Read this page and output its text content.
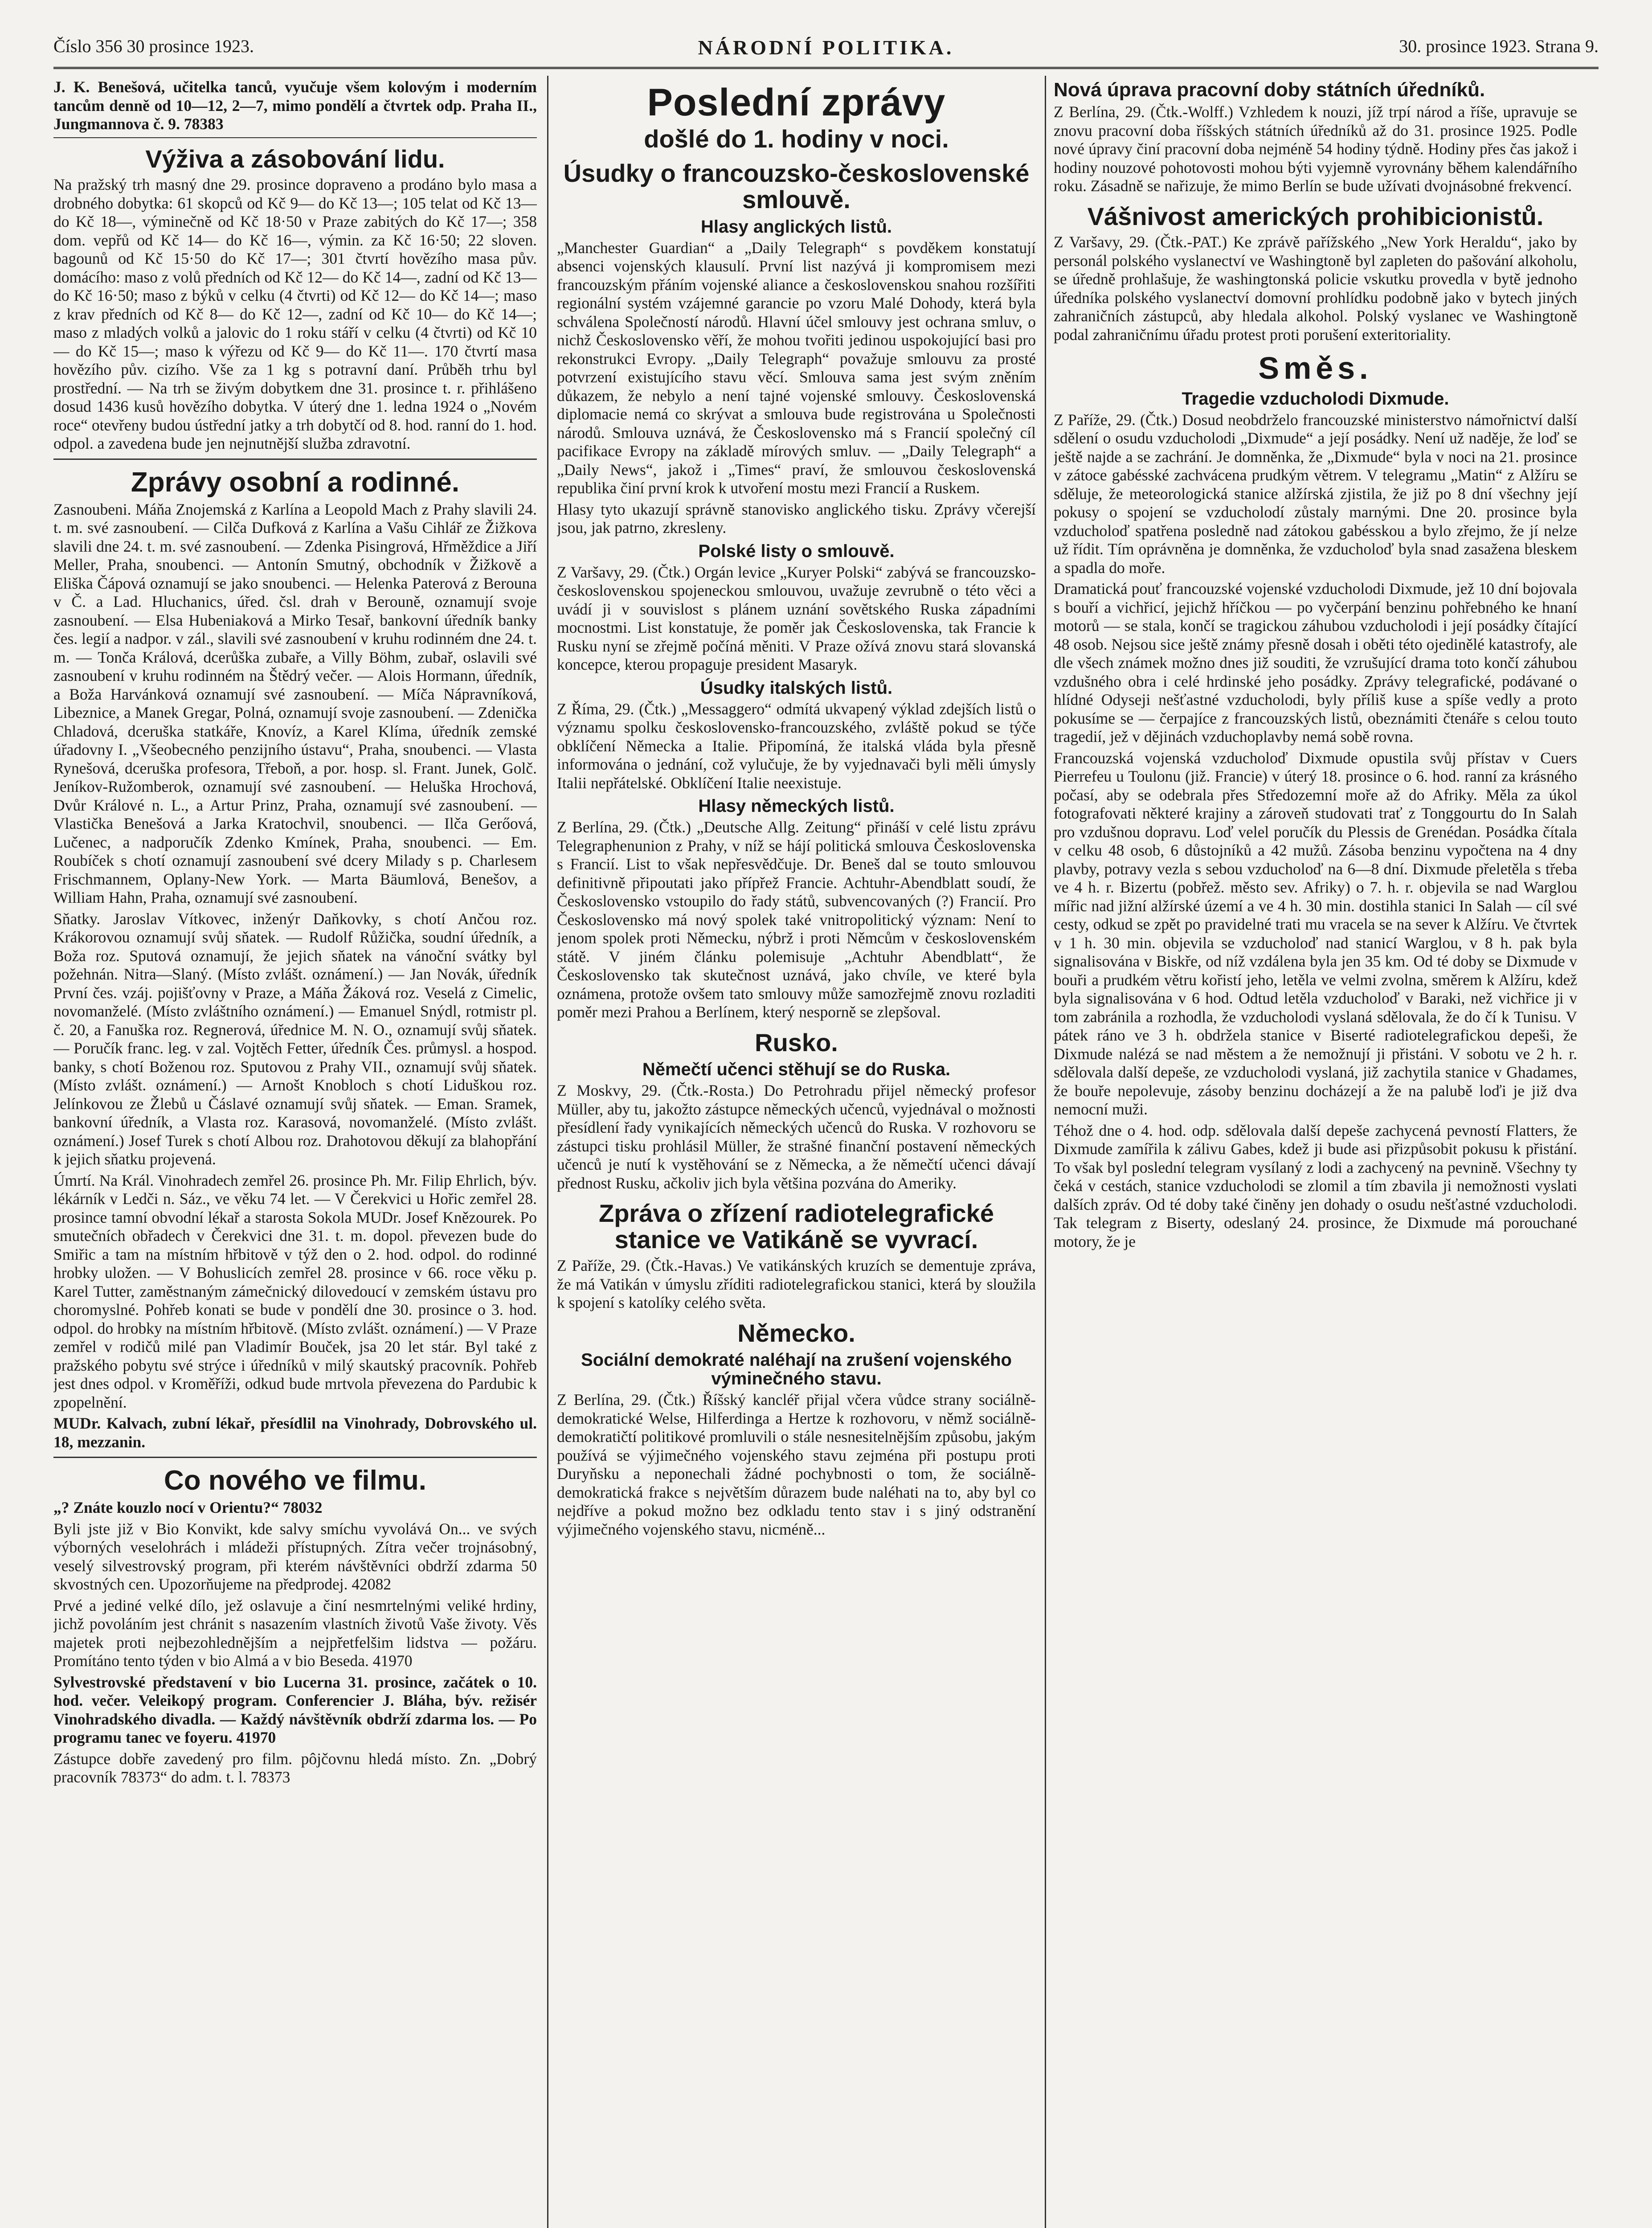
Číslo 356 30 prosince 1923.	NÁRODNÍ POLITIKA.	30. prosince 1923. Strana 9.

J. K. Benešová, učitelka tanců, vyučuje všem kolovým i moderním tancům denně od 10—12, 2—7, mimo pondělí a čtvrtek odp. Praha II., Jungmannova č. 9. 78383

Výživa a zásobování lidu.

Na pražský trh masný dne 29. prosince dopraveno a prodáno bylo masa a drobného dobytka: 61 skopců od Kč 9— do Kč 13—; 105 telat od Kč 13— do Kč 18—, výminečně od Kč 18·50 v Praze zabitých do Kč 17—; 358 dom. vepřů od Kč 14— do Kč 16—, výmin. za Kč 16·50; 22 sloven. bagounů od Kč 15·50 do Kč 17—; 301 čtvrtí hovězího masa pův. domácího: maso z volů předních od Kč 12— do Kč 14—, zadní od Kč 13— do Kč 16·50; maso z býků v celku (4 čtvrti) od Kč 12— do Kč 14—; maso z krav předních od Kč 8— do Kč 12—, zadní od Kč 10— do Kč 14—; maso z mladých volků a jalovic do 1 roku stáří v celku (4 čtvrti) od Kč 10— do Kč 15—; maso k výřezu od Kč 9— do Kč 11—. 170 čtvrtí masa hovězího pův. cizího. Vše za 1 kg s potravní daní. Průběh trhu byl prostřední. — Na trh se živým dobytkem dne 31. prosince t. r. přihlášeno dosud 1436 kusů hovězího dobytka. V úterý dne 1. ledna 1924 o „Novém roce“ otevřeny budou ústřední jatky a trh dobytčí od 8. hod. ranní do 1. hod. odpol. a zavedena bude jen nejnutnější služba zdravotní.

Zprávy osobní a rodinné.

Zasnoubeni. Máňa Znojemská z Karlína a Leopold Mach z Prahy slavili 24. t. m. své zasnoubení. — Cilča Dufková z Karlína a Vašu Cihlář ze Žižkova slavili dne 24. t. m. své zasnoubení. — Zdenka Pisingrová, Hřměždice a Jiří Meller, Praha, snoubenci. — Antonín Smutný, obchodník v Žižkově a Eliška Čápová oznamují se jako snoubenci. — Helenka Paterová z Berouna v Č. a Lad. Hluchanics, úřed. čsl. drah v Berouně, oznamují svoje zasnoubení. — Elsa Hubeniaková a Mirko Tesař, bankovní úředník banky čes. legií a nadpor. v zál., slavili své zasnoubení v kruhu rodinném dne 24. t. m. — Tonča Králová, dcerůška zubaře, a Villy Böhm, zubař, oslavili své zasnoubení v kruhu rodinném na Štědrý večer. — Alois Hormann, úředník, a Boža Harvánková oznamují své zasnoubení. — Míča Nápravníková, Libeznice, a Manek Gregar, Polná, oznamují svoje zasnoubení. — Zdenička Chladová, dceruška statkáře, Knovíz, a Karel Klíma, úředník zemské úřadovny I. „Všeobecného penzijního ústavu“, Praha, snoubenci. — Vlasta Rynešová, dceruška profesora, Třeboň, a por. hosp. sl. Frant. Junek, Golč. Jeníkov-Ružomberok, oznamují své zasnoubení. — Heluška Hrochová, Dvůr Králové n. L., a Artur Prinz, Praha, oznamují své zasnoubení. — Vlastička Benešová a Jarka Kratochvil, snoubenci. — Ilča Gerőová, Lučenec, a nadporučík Zdenko Kmínek, Praha, snoubenci. — Em. Roubíček s chotí oznamují zasnoubení své dcery Milady s p. Charlesem Frischmannem, Oplany-New York. — Marta Bäumlová, Benešov, a William Hahn, Praha, oznamují své zasnoubení.

Sňatky. Jaroslav Vítkovec, inženýr Daňkovky, s chotí Ančou roz. Krákorovou oznamují svůj sňatek. — Rudolf Růžička, soudní úředník, a Boža roz. Sputová oznamují, že jejich sňatek na vánoční svátky byl požehnán. Nitra—Slaný. (Místo zvlášt. oznámení.) — Jan Novák, úředník První čes. vzáj. pojišťovny v Praze, a Máňa Žáková roz. Veselá z Cimelic, novomanželé. (Místo zvláštního oznámení.) — Emanuel Snýdl, rotmistr pl. č. 20, a Fanuška roz. Regnerová, úřednice M. N. O., oznamují svůj sňatek. — Poručík franc. leg. v zal. Vojtěch Fetter, úředník Čes. průmysl. a hospod. banky, s chotí Boženou roz. Sputovou z Prahy VII., oznamují svůj sňatek. (Místo zvlášt. oznámení.) — Arnošt Knobloch s chotí Liduškou roz. Jelínkovou ze Žlebů u Čáslavé oznamují svůj sňatek. — Eman. Sramek, bankovní úředník, a Vlasta roz. Karasová, novomanželé. (Místo zvlášt. oznámení.) Josef Turek s chotí Albou roz. Drahotovou děkují za blahopřání k jejich sňatku projevená.

Úmrtí. Na Král. Vinohradech zemřel 26. prosince Ph. Mr. Filip Ehrlich, býv. lékárník v Ledči n. Sáz., ve věku 74 let. — V Čerekvici u Hořic zemřel 28. prosince tamní obvodní lékař a starosta Sokola MUDr. Josef Knězourek. Po smutečních obřadech v Čerekvici dne 31. t. m. dopol. převezen bude do Smiřic a tam na místním hřbitově v týž den o 2. hod. odpol. do rodinné hrobky uložen. — V Bohuslicích zemřel 28. prosince v 66. roce věku p. Karel Tutter, zaměstnaným zámečnický dilovedoucí v zemském ústavu pro choromyslné. Pohřeb konati se bude v pondělí dne 30. prosince o 3. hod. odpol. do hrobky na místním hřbitově. (Místo zvlášt. oznámení.) — V Praze zemřel v rodičů milé pan Vladimír Bouček, jsa 20 let stár. Byl také z pražského pobytu své strýce i úředníků v milý skautský pracovník. Pohřeb jest dnes odpol. v Kroměříži, odkud bude mrtvola převezena do Pardubic k zpopelnění.

MUDr. Kalvach, zubní lékař, přesídlil na Vinohrady, Dobrovského ul. 18, mezzanin.

Co nového ve filmu.

„? Znáte kouzlo nocí v Orientu?“ 78032

Byli jste již v Bio Konvikt, kde salvy smíchu vyvolává On... ve svých výborných veselohrách i mládeži přístupných. Zítra večer trojnásobný, veselý silvestrovský program, při kterém návštěvníci obdrží zdarma 50 skvostných cen. Upozorňujeme na předprodej. 42082

Prvé a jediné velké dílo, jež oslavuje a činí nesmrtelnými veliké hrdiny, jichž povoláním jest chránit s nasazením vlastních životů Vaše životy. Věs majetek proti nejbezohlednějším a nejpřetfelšim lidstva — požáru. Promítáno tento týden v bio Almá a v bio Beseda. 41970

Sylvestrovské představení v bio Lucerna 31. prosince, začátek o 10. hod. večer. Veleikopý program. Conferencier J. Bláha, býv. režisér Vinohradského divadla. — Každý návštěvník obdrží zdarma los. — Po programu tanec ve foyeru. 41970

Zástupce dobře zavedený pro film. pôjčovnu hledá místo. Zn. „Dobrý pracovník 78373“ do adm. t. l. 78373

Poslední zprávy
došlé do 1. hodiny v noci.
Úsudky o francouzsko-československé smlouvě.
Hlasy anglických listů.

„Manchester Guardian“ a „Daily Telegraph“ s povděkem konstatují absenci vojenských klausulí. První list nazývá ji kompromisem mezi francouzským přáním vojenské aliance a československou snahou rozšířiti regionální systém vzájemné garancie po vzoru Malé Dohody, která byla schválena Společností národů. Hlavní účel smlouvy jest ochrana smluv, o nichž Československo věří, že mohou tvořiti jedinou uspokojující basi pro rekonstrukci Evropy. „Daily Telegraph“ považuje smlouvu za prosté potvrzení existujícího stavu věcí. Smlouva sama jest svým zněním důkazem, že nebylo a není tajné vojenské smlouvy. Československá diplomacie nemá co skrývat a smlouva bude registrována u Společnosti národů. Smlouva uznává, že Československo má s Francií společný cíl pacifikace Evropy na základě mírových smluv. — „Daily Telegraph“ a „Daily News“, jakož i „Times“ praví, že smlouvou československá republika činí první krok k utvoření mostu mezi Francií a Ruskem.

Hlasy tyto ukazují správně stanovisko anglického tisku. Zprávy včerejší jsou, jak patrno, zkresleny.

Polské listy o smlouvě.

Z Varšavy, 29. (Čtk.) Orgán levice „Kuryer Polski“ zabývá se francouzsko-československou spojeneckou smlouvou, uvažuje zevrubně o této věci a uvádí ji v souvislost s plánem uznání sovětského Ruska západními mocnostmi. List konstatuje, že poměr jak Československa, tak Francie k Rusku nyní se zřejmě počíná měniti. V Praze ožívá znovu stará slovanská koncepce, kterou propaguje president Masaryk.

Úsudky italských listů.

Z Říma, 29. (Čtk.) „Messaggero“ odmítá ukvapený výklad zdejších listů o významu spolku československo-francouzského, zvláště pokud se týče obklíčení Německa a Italie. Připomíná, že italská vláda byla přesně informována o jednání, což vylučuje, že by vyjednavači byli měli úmysly Italii nepřátelské. Obklíčení Italie neexistuje.

Hlasy německých listů.

Z Berlína, 29. (Čtk.) „Deutsche Allg. Zeitung“ přináší v celé listu zprávu Telegraphenunion z Prahy, v níž se hájí politická smlouva Československa s Francií. List to však nepřesvědčuje. Dr. Beneš dal se touto smlouvou definitivně připoutati jako přípřež Francie. Achtuhr-Abendblatt soudí, že Československo vstoupilo do řady států, subvencovaných (?) Francií. Pro Československo má nový spolek také vnitropolitický význam: Není to jenom spolek proti Německu, nýbrž i proti Němcům v československém státě. V jiném článku polemisuje „Achtuhr Abendblatt“, že Československo tak skutečnost uznává, jako chvíle, ve které byla oznámena, protože ovšem tato smlouvy může samozřejmě znovu rozladiti poměr mezi Prahou a Berlínem, který nesporně se zlepšoval.

Rusko.
Němečtí učenci stěhují se do Ruska.

Z Moskvy, 29. (Čtk.-Rosta.) Do Petrohradu přijel německý profesor Müller, aby tu, jakožto zástupce německých učenců, vyjednával o možnosti přesídlení řady vynikajících německých učenců do Ruska. V rozhovoru se zástupci tisku prohlásil Müller, že strašné finanční postavení německých učenců je nutí k vystěhování se z Německa, a že němečtí učenci dávají přednost Rusku, ačkoliv jich byla většina pozvána do Ameriky.

Zpráva o zřízení radiotelegrafické stanice ve Vatikáně se vyvrací.

Z Paříže, 29. (Čtk.-Havas.) Ve vatikánských kruzích se dementuje zpráva, že má Vatikán v úmyslu zříditi radiotelegrafickou stanici, která by sloužila k spojení s katolíky celého světa.

Německo.
Sociální demokraté naléhají na zrušení vojenského výminečného stavu.

Z Berlína, 29. (Čtk.) Říšský kancléř přijal včera vůdce strany sociálně-demokratické Welse, Hilferdinga a Hertze k rozhovoru, v němž sociálně-demokratičtí politikové promluvili o stále nesnesitelnějším způsobu, jakým používá se výjimečného vojenského stavu zejména při postupu proti Duryňsku a neponechali žádné pochybnosti o tom, že sociálně-demokratická frakce s největším důrazem bude naléhati na to, aby byl co nejdříve a pokud možno bez odkladu tento stav i s jiný odstranění výjimečného vojenského stavu, nicméně...

Nová úprava pracovní doby státních úředníků.

Z Berlína, 29. (Čtk.-Wolff.) Vzhledem k nouzi, jíž trpí národ a říše, upravuje se znovu pracovní doba říšských státních úředníků až do 31. prosince 1925. Podle nové úpravy činí pracovní doba nejméně 54 hodiny týdně. Hodiny přes čas jakož i hodiny nouzové pohotovosti mohou býti vyjemně vyrovnány během kalendářního roku. Zásadně se nařizuje, že mimo Berlín se bude užívati dvojnásobné frekvencí.

Vášnivost amerických prohibicionistů.

Z Varšavy, 29. (Čtk.-PAT.) Ke zprávě pařížského „New York Heraldu“, jako by personál polského vyslanectví ve Washingtoně byl zapleten do pašování alkoholu, se úředně prohlašuje, že washingtonská policie vskutku provedla v bytě jednoho úředníka polského vyslanectví domovní prohlídku podobně jako v bytech jiných zahraničních zástupců, aby hledala alkohol. Polský vyslanec ve Washingtoně podal zahraničnímu úřadu protest proti porušení exteritoriality.

Směs.
Tragedie vzducholodi Dixmude.

Z Paříže, 29. (Čtk.) Dosud neobdrželo francouzské ministerstvo námořnictví další sdělení o osudu vzducholodi „Dixmude“ a její posádky. Není už naděje, že loď se ještě najde a se zachrání. Je domněnka, že „Dixmude“ byla v noci na 21. prosince v zátoce gabésské zachvácena prudkým větrem. V telegramu „Matin“ z Alžíru se sděluje, že meteorologická stanice alžírská zjistila, že již po 8 dní všechny její pokusy o spojení se vzducholodí zůstaly marnými. Dne 20. prosince byla vzducholoď spatřena posledně nad zátokou gabésskou a bylo zřejmo, že jí nelze už řídit. Tím oprávněna je domněnka, že vzducholoď byla snad zasažena bleskem a spadla do moře.

Dramatická pouť francouzské vojenské vzducholodi Dixmude, jež 10 dní bojovala s bouří a vichřicí, jejichž hříčkou — po vyčerpání benzinu pohřebného ke hnaní motorů — se stala, končí se tragickou záhubou vzducholodi i její posádky čítající 48 osob. Nejsou sice ještě známy přesně dosah i oběti této ojedinělé katastrofy, ale dle všech známek možno dnes již souditi, že vzrušující drama toto končí záhubou vzdušného obra i celé hrdinské jeho posádky. Zprávy telegrafické, podávané o hlídné Odyseji nešťastné vzducholodi, byly příliš kuse a spíše vedly a proto pokusíme se — čerpajíce z francouzských listů, obeznámiti čtenáře s celou touto tragedií, jež v dějinách vzduchoplavby nemá sobě rovna.

Francouzská vojenská vzducholoď Dixmude opustila svůj přístav v Cuers Pierrefeu u Toulonu (již. Francie) v úterý 18. prosince o 6. hod. ranní za krásného počasí, aby se odebrala přes Středozemní moře až do Afriky. Měla za úkol fotografovati některé krajiny a zároveň studovati trať z Tonggourtu do In Salah pro vzdušnou dopravu. Loď velel poručík du Plessis de Grenédan. Posádka čítala v celku 48 osob, 6 důstojníků a 42 mužů. Zásoba benzinu vypočtena na 4 dny plavby, potravy vezla s sebou vzducholoď na 6—8 dní. Dixmude přeletěla s třeba ve 4 h. r. Bizertu (pobřež. město sev. Afriky) o 7. h. r. objevila se nad Warglou mířic nad jižní alžírské území a ve 4 h. 30 min. dostihla stanici In Salah — cíl své cesty, odkud se zpět po pravidelné trati mu vracela se na sever k Alžíru. Ve čtvrtek v 1 h. 30 min. objevila se vzducholoď nad stanicí Warglou, v 8 h. pak byla signalisována v Biskře, od níž vzdálena byla jen 35 km. Od té doby se Dixmude v bouři a prudkém větru kořistí jeho, letěla ve velmi zvolna, směrem k Alžíru, kdež byla signalisována v 6 hod. Odtud letěla vzducholoď v Baraki, než vichřice ji v tom zabránila a rozhodla, že vzducholodi vyslaná sdělovala, že do čí k Tunisu. V pátek ráno ve 3 h. obdržela stanice v Biserté radiotelegrafickou depeši, že Dixmude nalézá se nad městem a že nemožnují ji přistáni. V sobotu ve 2 h. r. sdělovala další depeše, ze vzducholodi vyslaná, již zachytila stanice v Ghadames, že bouře nepolevuje, zásoby benzinu docházejí a že na palubě loďi je již dva nemocní muži.

Téhož dne o 4. hod. odp. sdělovala další depeše zachycená pevností Flatters, že Dixmude zamířila k zálivu Gabes, kdež ji bude asi přizpůsobit pokusu k přistání. To však byl poslední telegram vysílaný z lodi a zachycený na pevnině. Všechny ty čeká v cestách, stanice vzducholodi se zlomil a tím zbavila ji nemožnosti vyslati dalších zpráv. Od té doby také činěny jen dohady o osudu nešťastné vzducholodi. Tak telegram z Biserty, odeslaný 24. prosince, že Dixmude má porouchané motory, že je
